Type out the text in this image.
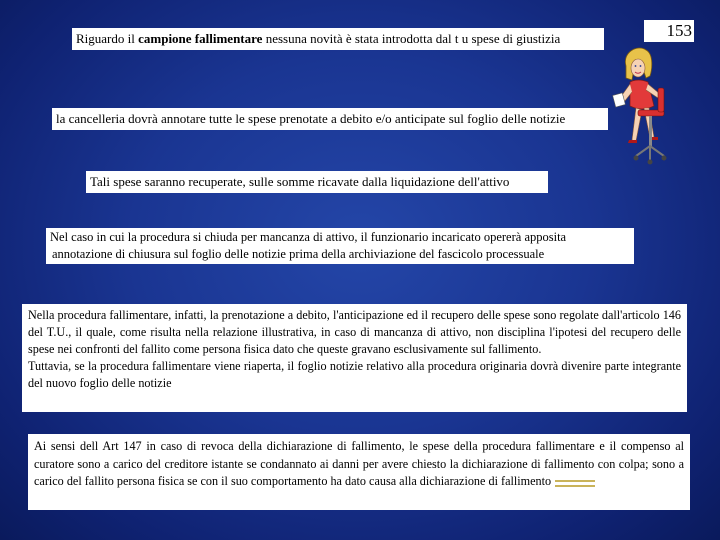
153
Riguardo il campione fallimentare nessuna novità è stata introdotta dal t u spese di giustizia
la cancelleria dovrà annotare tutte le spese prenotate a debito e/o anticipate sul foglio delle notizie
Tali spese saranno recuperate, sulle somme ricavate dalla liquidazione dell'attivo
Nel caso in cui la procedura si chiuda per mancanza di attivo, il funzionario incaricato opererà apposita
annotazione di chiusura sul foglio delle notizie prima della archiviazione del fascicolo processuale

Nella procedura fallimentare, infatti, la prenotazione a debito, l'anticipazione ed il recupero delle spese sono regolate dall'articolo 146 del T.U., il quale, come risulta nella relazione illustrativa, in caso di mancanza di attivo, non disciplina l'ipotesi del recupero delle spese nei confronti del fallito come persona fisica dato che queste gravano esclusivamente sul fallimento.

Tuttavia, se la procedura fallimentare viene riaperta, il foglio notizie relativo alla procedura originaria dovrà divenire parte integrante del nuovo foglio delle notizie

Ai sensi dell Art 147 in caso di revoca della dichiarazione di fallimento, le spese della procedura fallimentare e il compenso al curatore sono a carico del creditore istante se condannato ai danni per avere chiesto la dichiarazione di fallimento con colpa; sono a carico del fallito persona fisica se con il suo comportamento ha dato causa alla dichiarazione di fallimento
